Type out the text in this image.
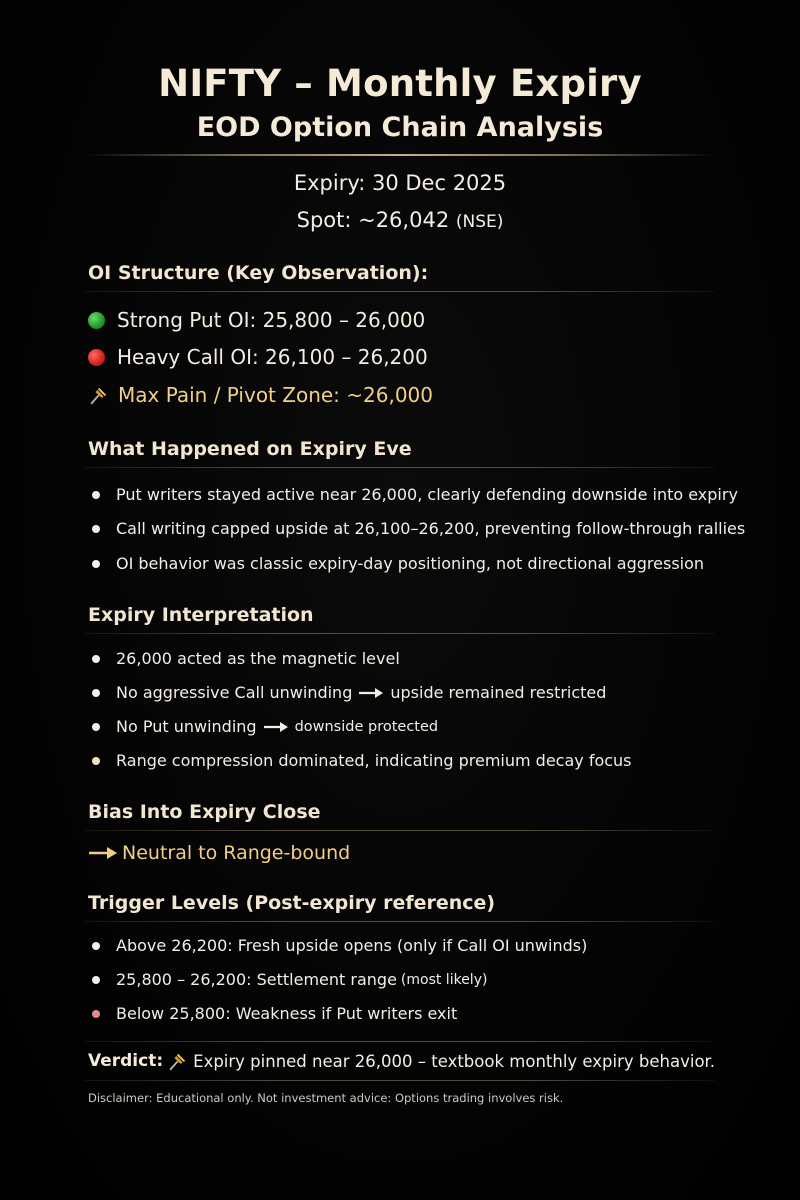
NIFTY – Monthly Expiry
EOD Option Chain Analysis
Expiry: 30 Dec 2025
Spot: ~26,042 (NSE)
OI Structure (Key Observation):
Strong Put OI: 25,800 – 26,000
Heavy Call OI: 26,100 – 26,200
Max Pain / Pivot Zone: ~26,000
What Happened on Expiry Eve
Put writers stayed active near 26,000, clearly defending downside into expiry
Call writing capped upside at 26,100–26,200, preventing follow-through rallies
OI behavior was classic expiry-day positioning, not directional aggression
Expiry Interpretation
26,000 acted as the magnetic level
No aggressive Call unwinding upside remained restricted
No Put unwinding	downside protected
Range compression dominated, indicating premium decay focus
Bias Into Expiry Close
Neutral to Range-bound
Trigger Levels (Post-expiry reference)
Above 26,200: Fresh upside opens (only if Call OI unwinds)
25,800 – 26,200: Settlement range (most likely)
Below 25,800: Weakness if Put writers exit
Verdict: Expiry pinned near 26,000 – textbook monthly expiry behavior.
Disclaimer: Educational only. Not investment advice: Options trading involves risk.
